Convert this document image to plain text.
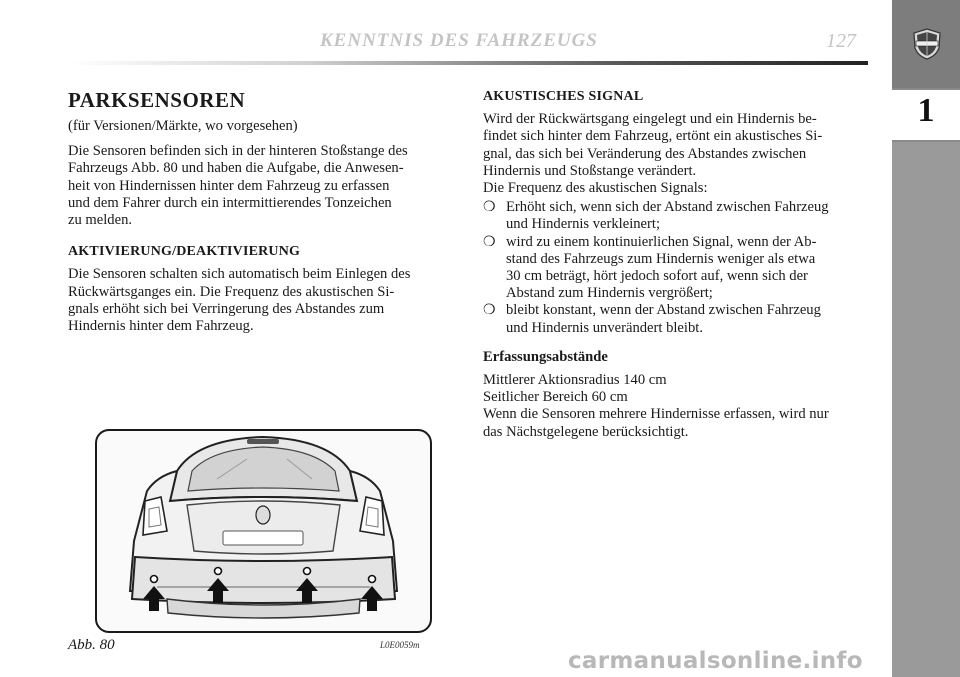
KENNTNIS DES FAHRZEUGS	127
1
PARKSENSOREN
(für Versionen/Märkte, wo vorgesehen)

Die Sensoren befinden sich in der hinteren Stoßstange des
Fahrzeugs Abb. 80 und haben die Aufgabe, die Anwesen-
heit von Hindernissen hinter dem Fahrzeug zu erfassen
und dem Fahrer durch ein intermittierendes Tonzeichen
zu melden.

AKTIVIERUNG/DEAKTIVIERUNG

Die Sensoren schalten sich automatisch beim Einlegen des
Rückwärtsganges ein. Die Frequenz des akustischen Si-
gnals erhöht sich bei Verringerung des Abstandes zum
Hindernis hinter dem Fahrzeug.

AKUSTISCHES SIGNAL

Wird der Rückwärtsgang eingelegt und ein Hindernis be-
findet sich hinter dem Fahrzeug, ertönt ein akustisches Si-
gnal, das sich bei Veränderung des Abstandes zwischen
Hindernis und Stoßstange verändert.
Die Frequenz des akustischen Signals:

❍ Erhöht sich, wenn sich der Abstand zwischen Fahrzeug
und Hindernis verkleinert;
❍ wird zu einem kontinuierlichen Signal, wenn der Ab-
stand des Fahrzeugs zum Hindernis weniger als etwa
30 cm beträgt, hört jedoch sofort auf, wenn sich der
Abstand zum Hindernis vergrößert;
❍ bleibt konstant, wenn der Abstand zwischen Fahrzeug
und Hindernis unverändert bleibt.
Erfassungsabstände

Mittlerer Aktionsradius 140 cm
Seitlicher Bereich 60 cm
Wenn die Sensoren mehrere Hindernisse erfassen, wird nur
das Nächstgelegene berücksichtigt.

Abb. 80	L0E0059m
carmanualsonline.info
